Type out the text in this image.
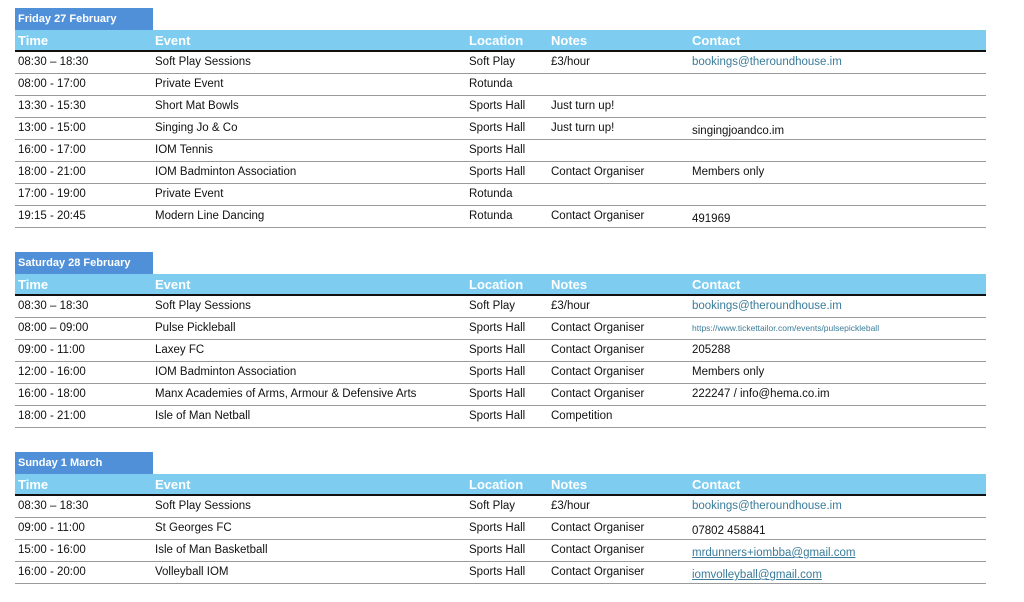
Friday 27 February
Time	Event	Location Notes	Contact
08:30 – 18:30	Soft Play Sessions	Soft Play	£3/hour	bookings@theroundhouse.im
08:00 - 17:00	Private Event	Rotunda
13:30 - 15:30	Short Mat Bowls	Sports Hall Just turn up!
13:00 - 15:00	Singing Jo & Co	Sports Hall Just turn up!	singingjoandco.im
16:00 - 17:00	IOM Tennis	Sports Hall
18:00 - 21:00	IOM Badminton Association	Sports Hall Contact Organiser	Members only
17:00 - 19:00	Private Event	Rotunda
19:15 - 20:45	Modern Line Dancing	Rotunda	Contact Organiser	491969
Saturday 28 February
Time	Event	Location Notes	Contact
08:30 – 18:30	Soft Play Sessions	Soft Play	£3/hour	bookings@theroundhouse.im
08:00 – 09:00	Pulse Pickleball	Sports Hall Contact Organiser	https://www.tickettailor.com/events/pulsepickleball
09:00 - 11:00	Laxey FC	Sports Hall Contact Organiser	205288
12:00 - 16:00	IOM Badminton Association	Sports Hall Contact Organiser	Members only
16:00 - 18:00	Manx Academies of Arms, Armour & Defensive Arts	Sports Hall Contact Organiser	222247 / info@hema.co.im
18:00 - 21:00	Isle of Man Netball	Sports Hall Competition
Sunday 1 March
Time	Event	Location Notes	Contact
08:30 – 18:30	Soft Play Sessions	Soft Play	£3/hour	bookings@theroundhouse.im
09:00 - 11:00	St Georges FC	Sports Hall Contact Organiser	07802 458841
15:00 - 16:00	Isle of Man Basketball	Sports Hall Contact Organiser	mrdunners+iombba@gmail.com
16:00 - 20:00	Volleyball IOM	Sports Hall Contact Organiser	iomvolleyball@gmail.com
